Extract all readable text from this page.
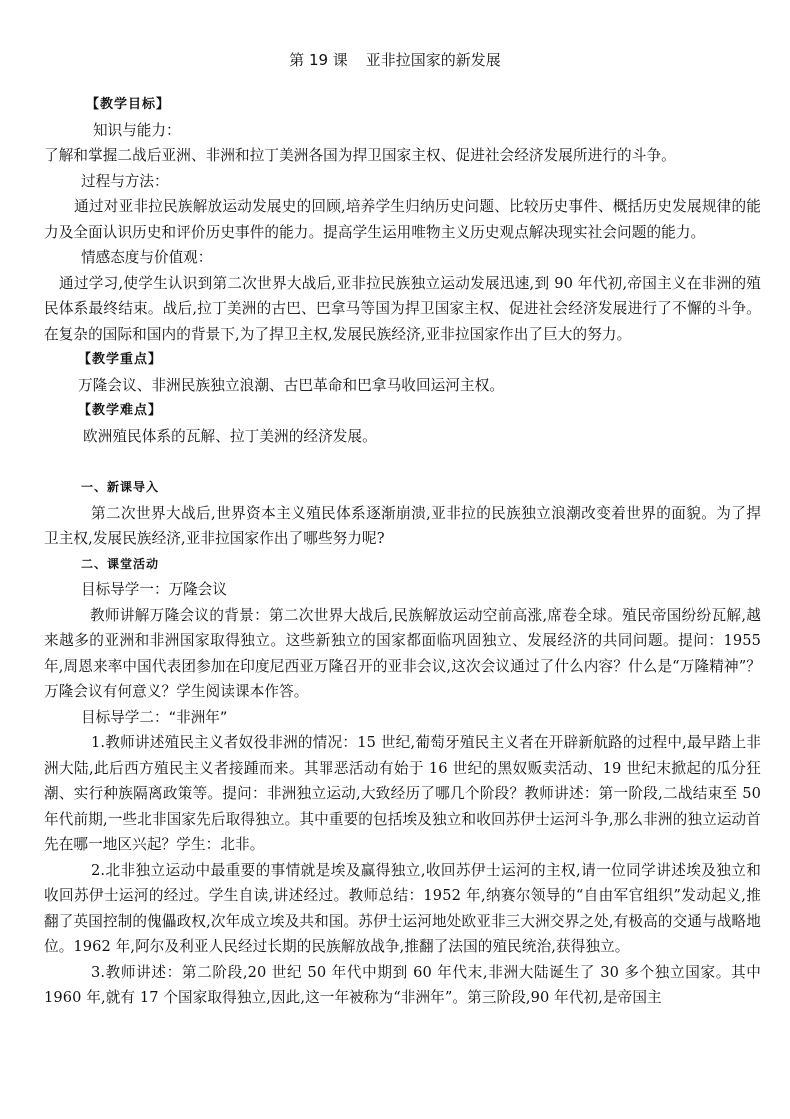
第 19 课 亚非拉国家的新发展
【教学目标】
知识与能力：
了解和掌握二战后亚洲、非洲和拉丁美洲各国为捍卫国家主权、促进社会经济发展所进行的斗争。
过程与方法：
通过对亚非拉民族解放运动发展史的回顾,培养学生归纳历史问题、比较历史事件、概括历史发展规律的能力及全面认识历史和评价历史事件的能力。提高学生运用唯物主义历史观点解决现实社会问题的能力。
情感态度与价值观：
通过学习,使学生认识到第二次世界大战后,亚非拉民族独立运动发展迅速,到 90 年代初,帝国主义在非洲的殖民体系最终结束。战后,拉丁美洲的古巴、巴拿马等国为捍卫国家主权、促进社会经济发展进行了不懈的斗争。在复杂的国际和国内的背景下,为了捍卫主权,发展民族经济,亚非拉国家作出了巨大的努力。
【教学重点】
万隆会议、非洲民族独立浪潮、古巴革命和巴拿马收回运河主权。
【教学难点】
欧洲殖民体系的瓦解、拉丁美洲的经济发展。
一、新课导入
第二次世界大战后,世界资本主义殖民体系逐渐崩溃,亚非拉的民族独立浪潮改变着世界的面貌。为了捍卫主权,发展民族经济,亚非拉国家作出了哪些努力呢?
二、课堂活动
目标导学一：万隆会议
教师讲解万隆会议的背景：第二次世界大战后,民族解放运动空前高涨,席卷全球。殖民帝国纷纷瓦解,越来越多的亚洲和非洲国家取得独立。这些新独立的国家都面临巩固独立、发展经济的共同问题。提问：1955 年,周恩来率中国代表团参加在印度尼西亚万隆召开的亚非会议,这次会议通过了什么内容？什么是“万隆精神”？万隆会议有何意义？学生阅读课本作答。
目标导学二：“非洲年”
1.教师讲述殖民主义者奴役非洲的情况：15 世纪,葡萄牙殖民主义者在开辟新航路的过程中,最早踏上非洲大陆,此后西方殖民主义者接踵而来。其罪恶活动有始于 16 世纪的黑奴贩卖活动、19 世纪末掀起的瓜分狂潮、实行种族隔离政策等。提问：非洲独立运动,大致经历了哪几个阶段？教师讲述：第一阶段,二战结束至 50 年代前期,一些北非国家先后取得独立。其中重要的包括埃及独立和收回苏伊士运河斗争,那么非洲的独立运动首先在哪一地区兴起？学生：北非。
2.北非独立运动中最重要的事情就是埃及赢得独立,收回苏伊士运河的主权,请一位同学讲述埃及独立和收回苏伊士运河的经过。学生自读,讲述经过。教师总结：1952 年,纳赛尔领导的“自由军官组织”发动起义,推翻了英国控制的傀儡政权,次年成立埃及共和国。苏伊士运河地处欧亚非三大洲交界之处,有极高的交通与战略地位。1962 年,阿尔及利亚人民经过长期的民族解放战争,推翻了法国的殖民统治,获得独立。
3.教师讲述：第二阶段,20 世纪 50 年代中期到 60 年代末,非洲大陆诞生了 30 多个独立国家。其中 1960 年,就有 17 个国家取得独立,因此,这一年被称为“非洲年”。第三阶段,90 年代初,是帝国主
